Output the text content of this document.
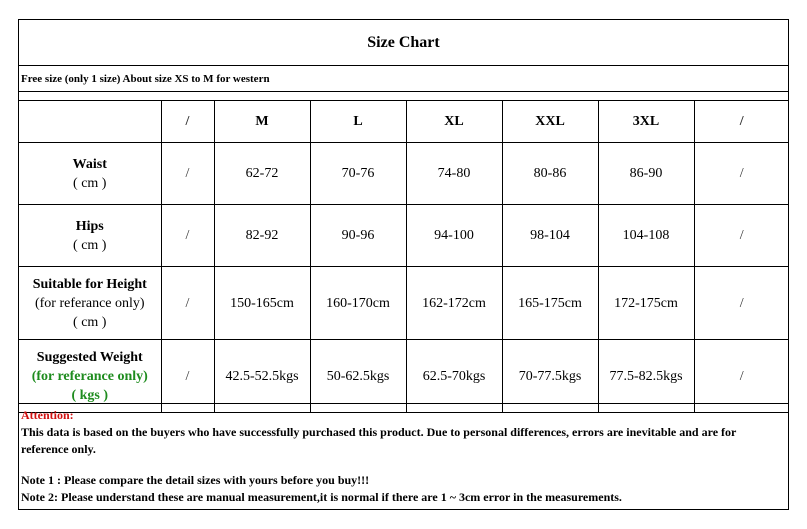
Size Chart
Free size (only 1 size) About size XS to M for western
	/	M	L	XL	XXL	3XL	/

Waist
( cm )	/	62-72	70-76	74-80	80-86	86-90	/

Hips
( cm )	/	82-92	90-96	94-100	98-104	104-108	/

Suitable for Height
(for referance only)
( cm )	/	150-165cm	160-170cm	162-172cm	165-175cm	172-175cm	/

Suggested Weight
(for referance only)
( kgs )	/	42.5-52.5kgs	50-62.5kgs	62.5-70kgs	70-77.5kgs	77.5-82.5kgs	/
Attention:
This data is based on the buyers who have successfully purchased this product. Due to personal differences, errors are inevitable and are for reference only.
Note 1 : Please compare the detail sizes with yours before you buy!!!
Note 2: Please understand these are manual measurement,it is normal if there are 1 ~ 3cm error in the measurements.
